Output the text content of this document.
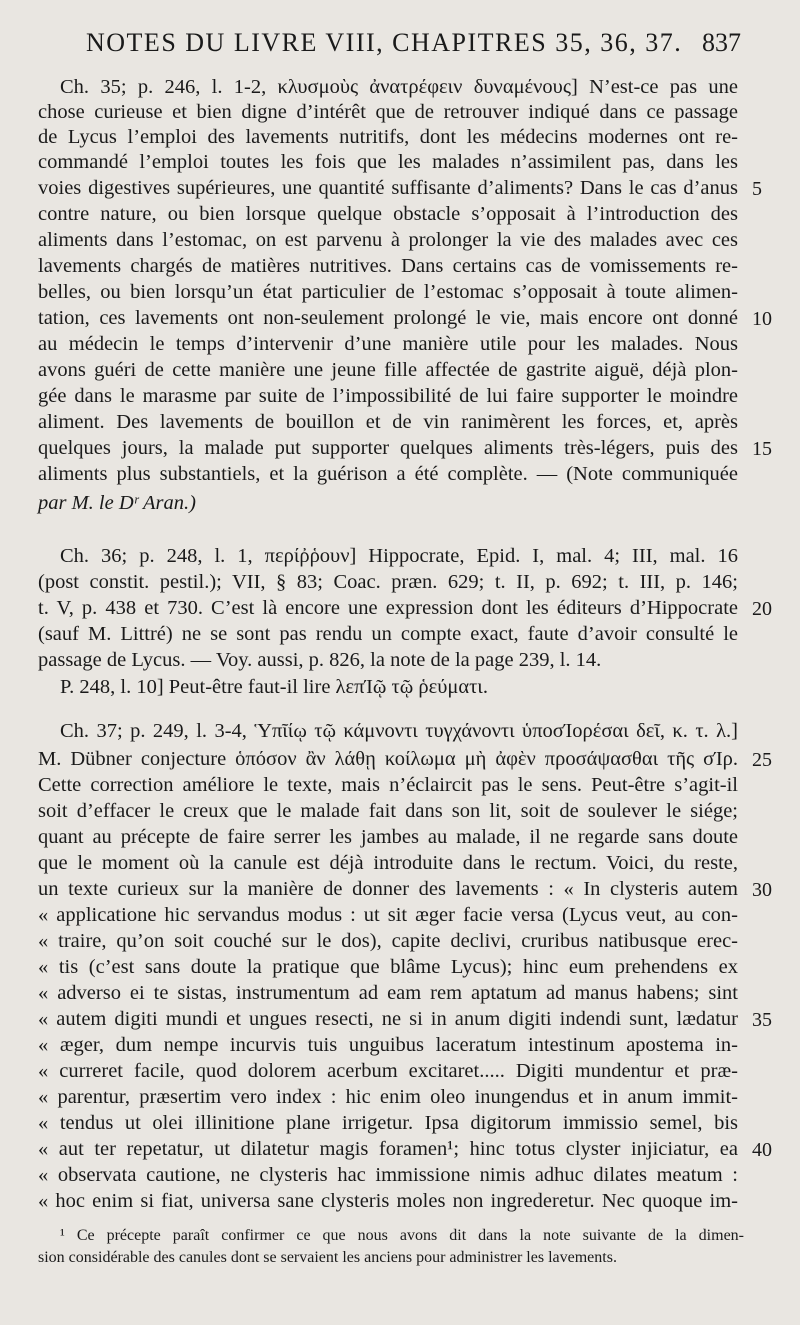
NOTES DU LIVRE VIII, CHAPITRES 35, 36, 37. 837
Ch. 35; p. 246, l. 1-2, κλυσμοὺς ἀνατρέφειν δυναμένους] N’est-ce pas une
chose curieuse et bien digne d’intérêt que de retrouver indiqué dans ce passage
de Lycus l’emploi des lavements nutritifs, dont les médecins modernes ont re-
commandé l’emploi toutes les fois que les malades n’assimilent pas, dans les
voies digestives supérieures, une quantité suffisante d’aliments? Dans le cas d’anus
contre nature, ou bien lorsque quelque obstacle s’opposait à l’introduction des
aliments dans l’estomac, on est parvenu à prolonger la vie des malades avec ces
lavements chargés de matières nutritives. Dans certains cas de vomissements re-
belles, ou bien lorsqu’un état particulier de l’estomac s’opposait à toute alimen-
tation, ces lavements ont non-seulement prolongé le vie, mais encore ont donné
au médecin le temps d’intervenir d’une manière utile pour les malades. Nous
avons guéri de cette manière une jeune fille affectée de gastrite aiguë, déjà plon-
gée dans le marasme par suite de l’impossibilité de lui faire supporter le moindre
aliment. Des lavements de bouillon et de vin ranimèrent les forces, et, après
quelques jours, la malade put supporter quelques aliments très-légers, puis des
aliments plus substantiels, et la guérison a été complète. — (Note communiquée
par M. le Dʳ Aran.)
Ch. 36; p. 248, l. 1, περίῤῥουν] Hippocrate, Epid. I, mal. 4; III, mal. 16
(post constit. pestil.); VII, § 83; Coac. præn. 629; t. II, p. 692; t. III, p. 146;
t. V, p. 438 et 730. C’est là encore une expression dont les éditeurs d’Hippocrate
(sauf M. Littré) ne se sont pas rendu un compte exact, faute d’avoir consulté le
passage de Lycus. — Voy. aussi, p. 826, la note de la page 239, l. 14.
P. 248, l. 10] Peut-être faut-il lire λεπΊῷ τῷ ῥεύματι.
Ch. 37; p. 249, l. 3-4, Ὑπῖίῳ τῷ κάμνοντι τυγχάνοντι ὑποσΊορέσαι δεῖ, κ. τ. λ.]
M. Dübner conjecture ὁπόσον ἂν λάθῃ κοίλωμα μὴ ἀφὲν προσάψασθαι τῆς σΊρ.
Cette correction améliore le texte, mais n’éclaircit pas le sens. Peut-être s’agit-il
soit d’effacer le creux que le malade fait dans son lit, soit de soulever le siége;
quant au précepte de faire serrer les jambes au malade, il ne regarde sans doute
que le moment où la canule est déjà introduite dans le rectum. Voici, du reste,
un texte curieux sur la manière de donner des lavements : « In clysteris autem
« applicatione hic servandus modus : ut sit æger facie versa (Lycus veut, au con-
« traire, qu’on soit couché sur le dos), capite declivi, cruribus natibusque erec-
« tis (c’est sans doute la pratique que blâme Lycus); hinc eum prehendens ex
« adverso ei te sistas, instrumentum ad eam rem aptatum ad manus habens; sint
« autem digiti mundi et ungues resecti, ne si in anum digiti indendi sunt, lædatur
« æger, dum nempe incurvis tuis unguibus laceratum intestinum apostema in-
« curreret facile, quod dolorem acerbum excitaret..... Digiti mundentur et præ-
« parentur, præsertim vero index : hic enim oleo inungendus et in anum immit-
« tendus ut olei illinitione plane irrigetur. Ipsa digitorum immissio semel, bis
« aut ter repetatur, ut dilatetur magis foramen¹; hinc totus clyster injiciatur, ea
« observata cautione, ne clysteris hac immissione nimis adhuc dilates meatum :
« hoc enim si fiat, universa sane clysteris moles non ingrederetur. Nec quoque im-
5
10
15
20
25
30
35
40
¹ Ce précepte paraît confirmer ce que nous avons dit dans la note suivante de la dimen-
sion considérable des canules dont se servaient les anciens pour administrer les lavements.
